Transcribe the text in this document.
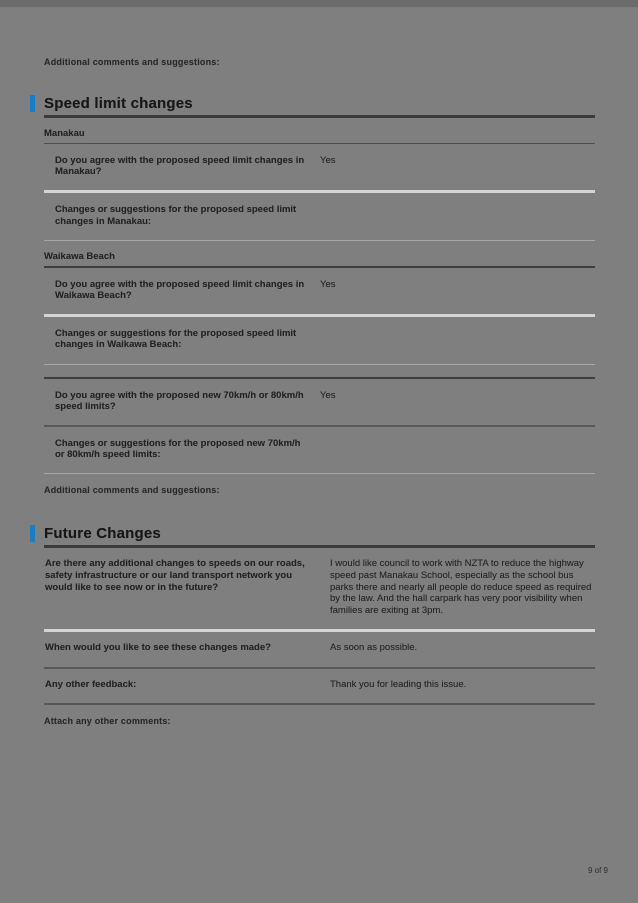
Additional comments and suggestions:
Speed limit changes
Manakau
Do you agree with the proposed speed limit changes in Manakau?
Yes
Changes or suggestions for the proposed speed limit changes in Manakau:
Waikawa Beach
Do you agree with the proposed speed limit changes in Waikawa Beach?
Yes
Changes or suggestions for the proposed speed limit changes in Waikawa Beach:
Do you agree with the proposed new 70km/h or 80km/h speed limits?
Yes
Changes or suggestions for the proposed new 70km/h or 80km/h speed limits:
Additional comments and suggestions:
Future Changes
Are there any additional changes to speeds on our roads, safety infrastructure or our land transport network you would like to see now or in the future?
I would like council to work with NZTA to reduce the highway speed past Manakau School, especially as the school bus parks there and nearly all people do reduce speed as required by the law. And the hall carpark has very poor visibility when families are exiting at 3pm.
When would you like to see these changes made?	As soon as possible.
Any other feedback:	Thank you for leading this issue.
Attach any other comments:
9 of 9
